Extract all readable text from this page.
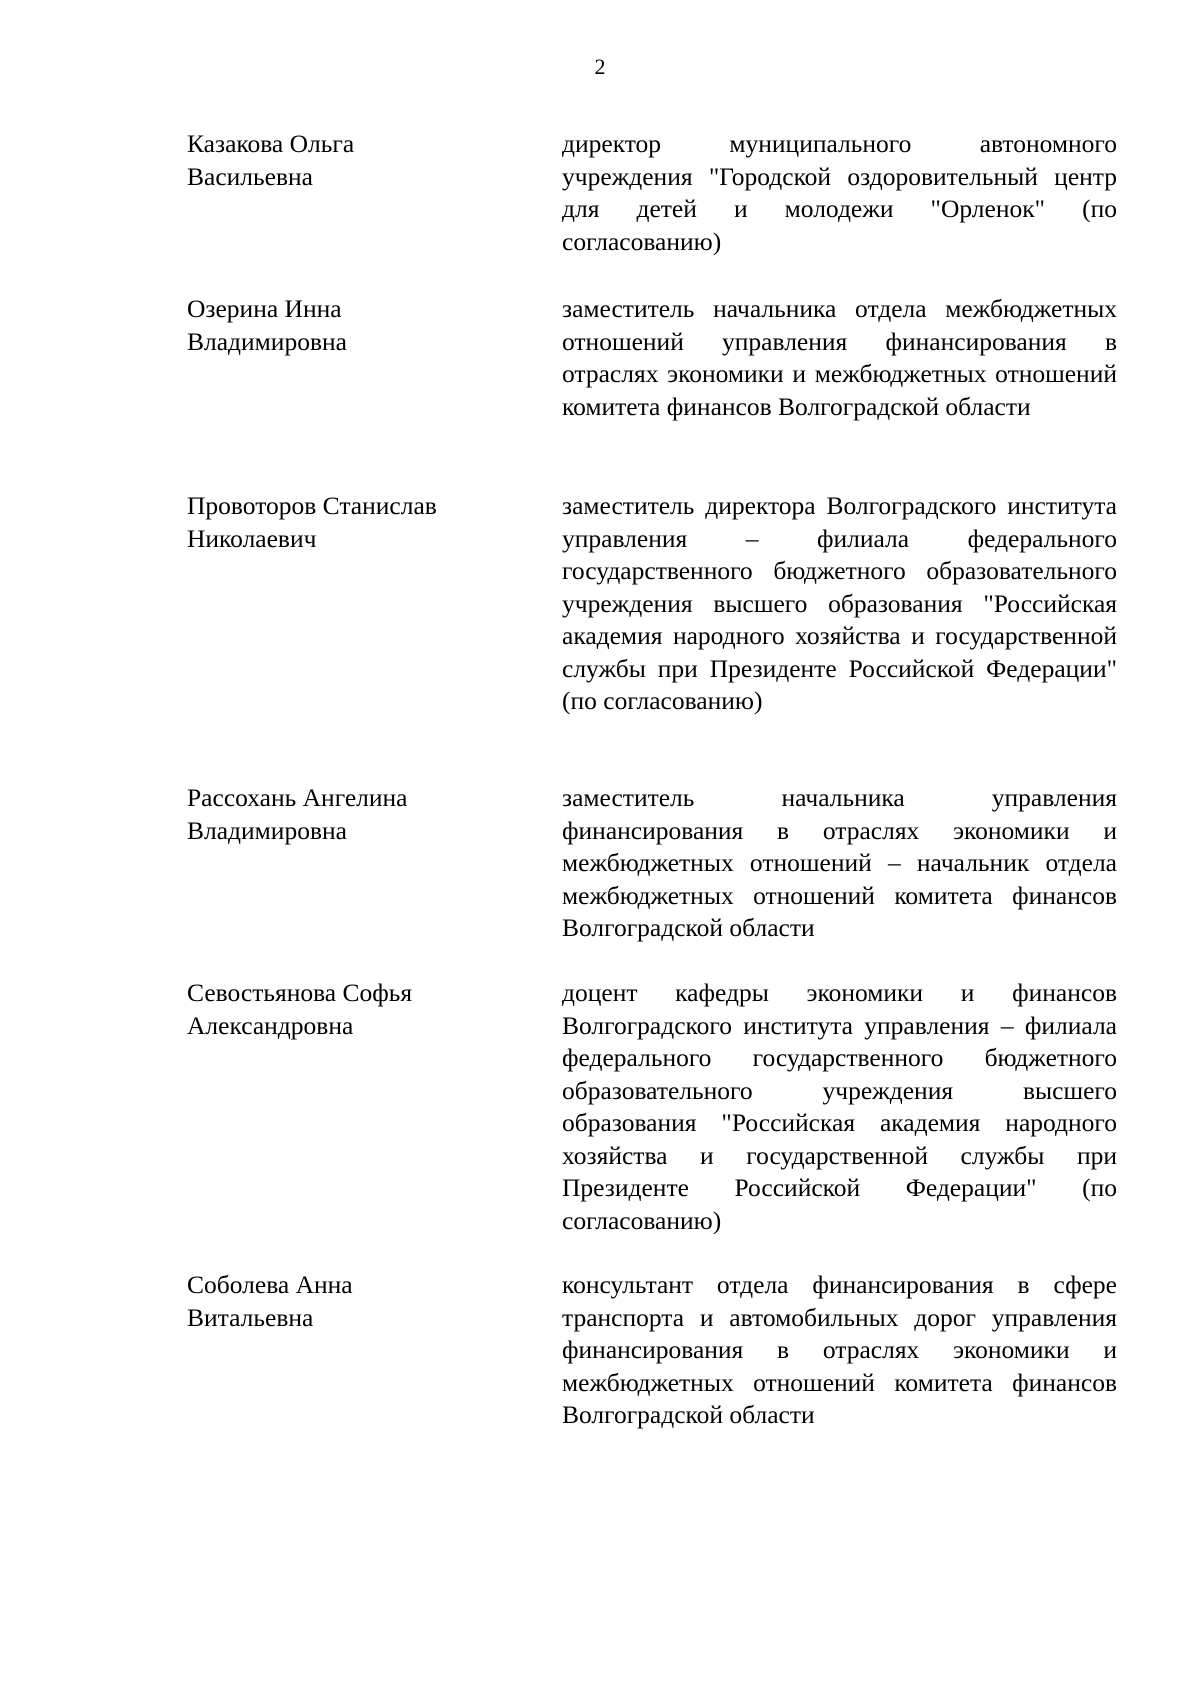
2
Казакова Ольга
Васильевна
директор муниципального автономного учреждения "Городской оздоровительный центр для детей и молодежи "Орленок" (по согласованию)
Озерина Инна
Владимировна
заместитель начальника отдела межбюджетных отношений управления финансирования в отраслях экономики и межбюджетных отношений комитета финансов Волгоградской области
Провоторов Станислав
Николаевич
заместитель директора Волгоградского института управления – филиала федерального государственного бюджетного образовательного учреждения высшего образования "Российская академия народного хозяйства и государственной службы при Президенте Российской Федерации" (по согласованию)
Рассохань Ангелина
Владимировна
заместитель начальника управления финансирования в отраслях экономики и межбюджетных отношений – начальник отдела межбюджетных отношений комитета финансов Волгоградской области
Севостьянова Софья
Александровна
доцент кафедры экономики и финансов Волгоградского института управления – филиала федерального государственного бюджетного образовательного учреждения высшего образования "Российская академия народного хозяйства и государственной службы при Президенте Российской Федерации" (по согласованию)
Соболева Анна
Витальевна
консультант отдела финансирования в сфере транспорта и автомобильных дорог управления финансирования в отраслях экономики и межбюджетных отношений комитета финансов Волгоградской области
